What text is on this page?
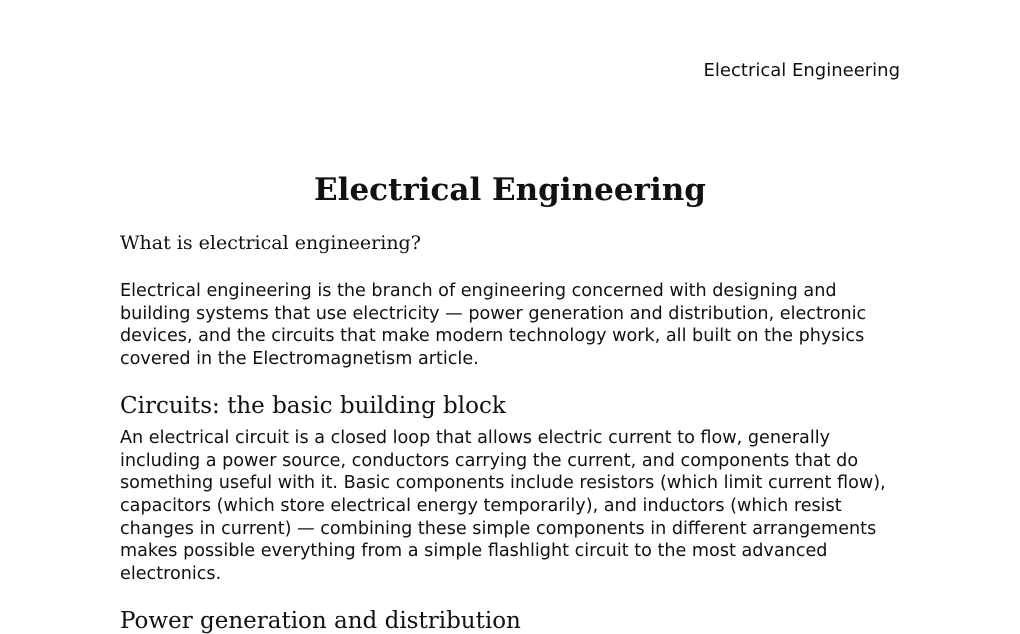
Electrical Engineering
Electrical Engineering
What is electrical engineering?

Electrical engineering is the branch of engineering concerned with designing and building systems that use electricity — power generation and distribution, electronic devices, and the circuits that make modern technology work, all built on the physics covered in the Electromagnetism article.

Circuits: the basic building block

An electrical circuit is a closed loop that allows electric current to flow, generally including a power source, conductors carrying the current, and components that do something useful with it. Basic components include resistors (which limit current flow), capacitors (which store electrical energy temporarily), and inductors (which resist changes in current) — combining these simple components in different arrangements makes possible everything from a simple flashlight circuit to the most advanced electronics.

Power generation and distribution
